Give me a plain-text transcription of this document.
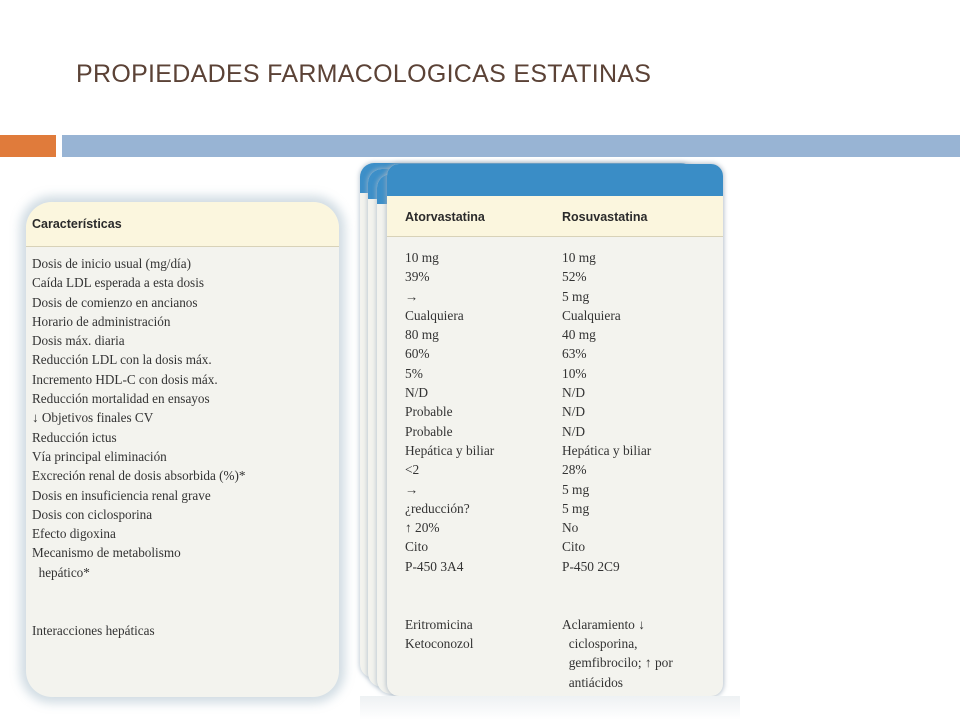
PROPIEDADES FARMACOLOGICAS ESTATINAS
Características
Dosis de inicio usual (mg/día)
Caída LDL esperada a esta dosis
Dosis de comienzo en ancianos
Horario de administración
Dosis máx. diaria
Reducción LDL con la dosis máx.
Incremento HDL-C con dosis máx.
Reducción mortalidad en ensayos
↓ Objetivos finales CV
Reducción ictus
Vía principal eliminación
Excreción renal de dosis absorbida (%)*
Dosis en insuficiencia renal grave
Dosis con ciclosporina
Efecto digoxina
Mecanismo de metabolismo
hepático*
Interacciones hepáticas
Atorvastatina	Rosuvastatina
10 mg
39%
→
Cualquiera
80 mg
60%
5%
N/D
Probable
Probable
Hepática y biliar
<2
→
¿reducción?
↑ 20%
Cito
P-450 3A4
Eritromicina
Ketoconozol
10 mg
52%
5 mg
Cualquiera
40 mg
63%
10%
N/D
N/D
N/D
Hepática y biliar
28%
5 mg
5 mg
No
Cito
P-450 2C9
Aclaramiento ↓
ciclosporina,
gemfibrocilo; ↑ por
antiácidos
